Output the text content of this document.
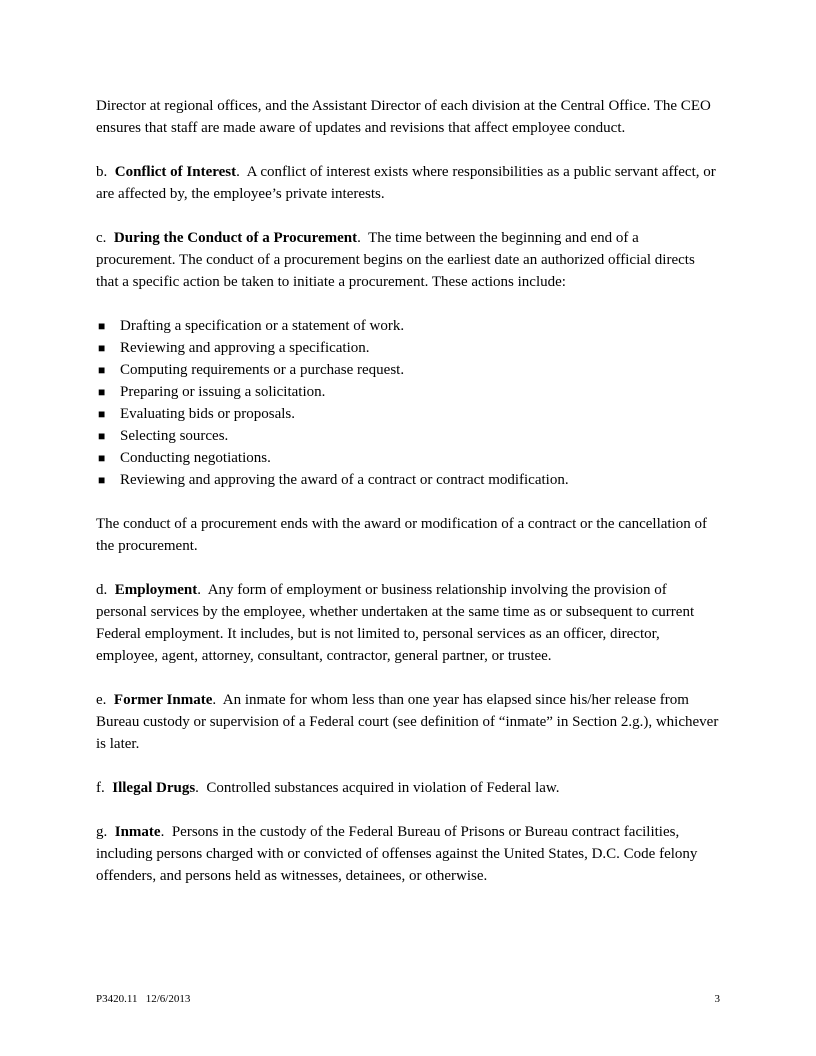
Director at regional offices, and the Assistant Director of each division at the Central Office. The CEO ensures that staff are made aware of updates and revisions that affect employee conduct.

b. Conflict of Interest.  A conflict of interest exists where responsibilities as a public servant affect, or are affected by, the employee’s private interests.

c. During the Conduct of a Procurement.  The time between the beginning and end of a procurement. The conduct of a procurement begins on the earliest date an authorized official directs that a specific action be taken to initiate a procurement. These actions include:

■ Drafting a specification or a statement of work.
■ Reviewing and approving a specification.
■ Computing requirements or a purchase request.
■ Preparing or issuing a solicitation.
■ Evaluating bids or proposals.
■ Selecting sources.
■ Conducting negotiations.
■ Reviewing and approving the award of a contract or contract modification.

The conduct of a procurement ends with the award or modification of a contract or the cancellation of the procurement.

d. Employment.  Any form of employment or business relationship involving the provision of personal services by the employee, whether undertaken at the same time as or subsequent to current Federal employment. It includes, but is not limited to, personal services as an officer, director, employee, agent, attorney, consultant, contractor, general partner, or trustee.

e. Former Inmate.  An inmate for whom less than one year has elapsed since his/her release from Bureau custody or supervision of a Federal court (see definition of “inmate” in Section 2.g.), whichever is later.

f. Illegal Drugs.  Controlled substances acquired in violation of Federal law.

g. Inmate.  Persons in the custody of the Federal Bureau of Prisons or Bureau contract facilities, including persons charged with or convicted of offenses against the United States, D.C. Code felony offenders, and persons held as witnesses, detainees, or otherwise.

P3420.11   12/6/2013	3
